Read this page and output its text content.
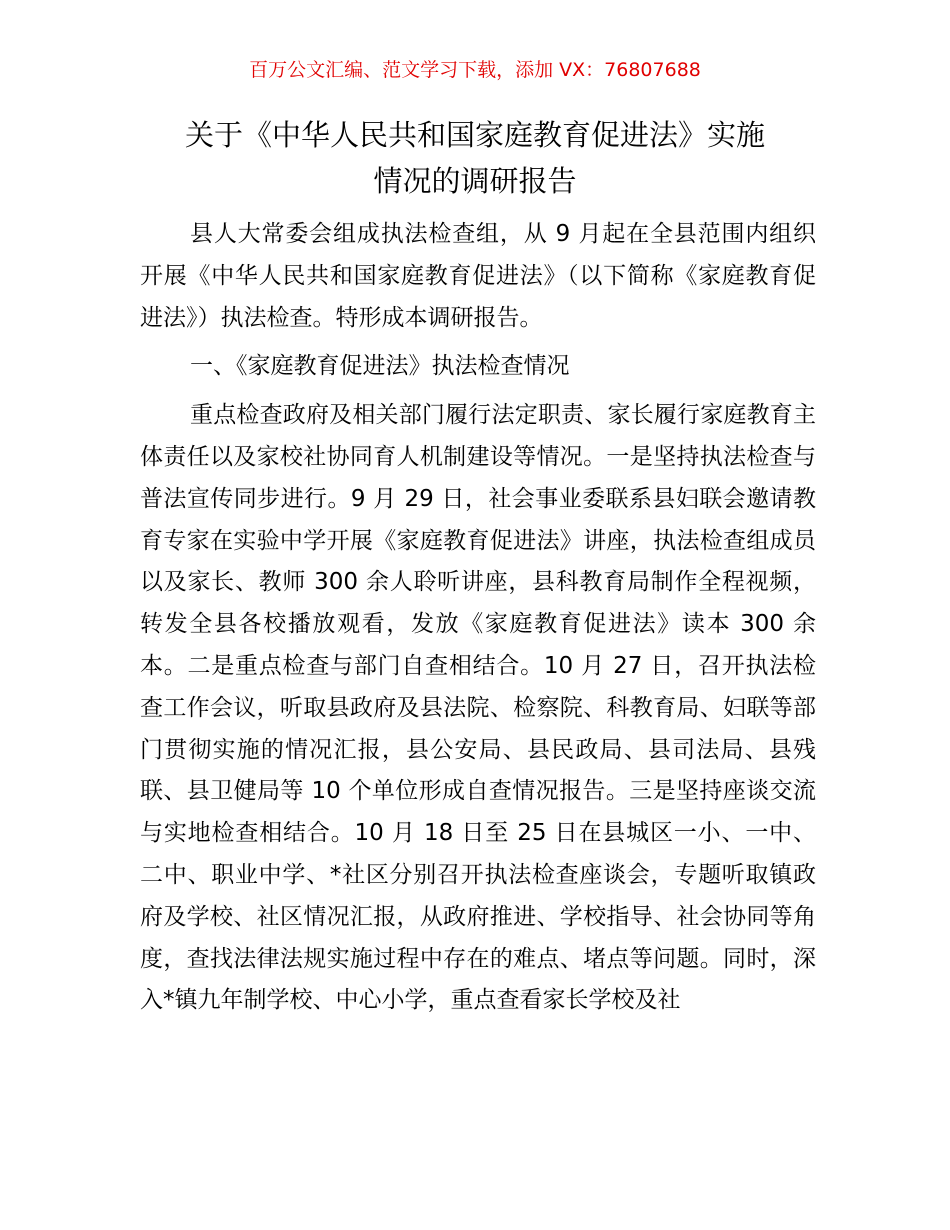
百万公文汇编、范文学习下载，添加 VX：76807688
关于《中华人民共和国家庭教育促进法》实施
情况的调研报告

县人大常委会组成执法检查组，从 9 月起在全县范围内组织开展《中华人民共和国家庭教育促进法》（以下简称《家庭教育促进法》）执法检查。特形成本调研报告。

一、《家庭教育促进法》执法检查情况

重点检查政府及相关部门履行法定职责、家长履行家庭教育主体责任以及家校社协同育人机制建设等情况。一是坚持执法检查与普法宣传同步进行。9 月 29 日，社会事业委联系县妇联会邀请教育专家在实验中学开展《家庭教育促进法》讲座，执法检查组成员以及家长、教师 300 余人聆听讲座，县科教育局制作全程视频，转发全县各校播放观看，发放《家庭教育促进法》读本 300 余本。二是重点检查与部门自查相结合。10 月 27 日，召开执法检查工作会议，听取县政府及县法院、检察院、科教育局、妇联等部门贯彻实施的情况汇报，县公安局、县民政局、县司法局、县残联、县卫健局等 10 个单位形成自查情况报告。三是坚持座谈交流与实地检查相结合。10 月 18 日至 25 日在县城区一小、一中、二中、职业中学、*社区分别召开执法检查座谈会，专题听取镇政府及学校、社区情况汇报，从政府推进、学校指导、社会协同等角度，查找法律法规实施过程中存在的难点、堵点等问题。同时，深入*镇九年制学校、中心小学，重点查看家长学校及社
